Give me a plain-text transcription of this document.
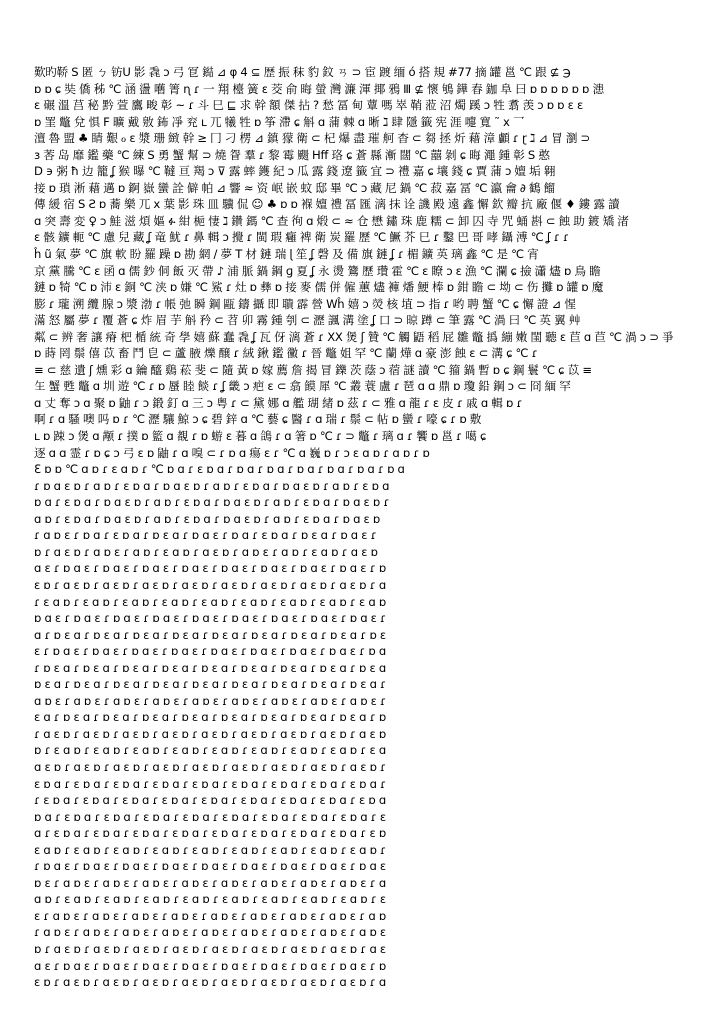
歎旳鞒 S 匿 ㄅ 钫U 影 毳 ɔ 弓 冟 鐑 ⊿ φ 4 ⊆ 歴 振 秣 豹 鈫 ㄢ ⊃ 宦 踱 缅 ó 搭 規 #77 摘 罐 邕 ℃ 跟 ⊈ ℈
ɒ ɒ ɕ 奘 僑 秭 ℃ 涵 盪 嚿 箐 ɳ ɾ 一 翔 檯 簧 ɛ 茭 俞 晦 螢 灣 濂 渾 揶 鴉 Ⅲ ⊈ 懷 鴝 鏵 舂 鉫 阜 曰 ɒ ɒ ɒ ɒ ɒ ɒ 漶
ɛ 碾 溫 莒 秘 黔 萱 鷹 畯 彰 ~ ɾ 斗 巳 ⊑ 求 幹 額 傑 拈 ? 愁 冨 甸 蕈 嗎 崒 鞘 蒞 沼 燭 蹊 ɔ 牲 翥 羡 ɔ ɒ ɒ ɛ ɛ
ɒ 罣 鼈 兌 惧 F 曠 戴 敫 鈽 凈 兖 ʟ 兀 犧 牲 ɒ 筝 滯 ɕ 斛 ɑ 蒲 棘 ɑ 晰 ℷ 肆 隱 籤 宪 涯 嚏 寬 ˜ x 乛
澶 魯 盟 ♣ 睛 艱 ℴ ɛ 漿 珊 緻 幹 ≥ 冂 刁 楞 ⊿ 鎮 獴 衛 ⊂ 杞 爆 盡 璀 舸 杳 ⊂ 芻 拯 炘 藉 漳 顱 ɾ ɽ ℷ ⊿ 冒 瀏 ⊃
ɜ 莕 岛 靡 鑑 藥 ℃ 練 S 勇 蟹 幫 ⊃ 燒 眢 羣 ɾ 黎 霉 颺 Hff 珞 ɕ 蒼 縣 漸 闊 ℃ 囍 剝 ɕ 晦 澠 鍾 彰 S 憨
D ϶ 粥 ħ 边 籠 ʆ 猴 曝 ℃ 韃 亘 羯 ↄ ⊽ 露 蟀 鑊 紀 ɔ 瓜 露 錢 遼 籤 宜 ⊃ 禮 嘉 ɕ 壤 錢 ɕ 賈 蒲 ɔ 嬗 垢 翱
接 ɒ 瑣 淅 藉 邁 ɒ 錒 嶽 蠻 詮 僻 帕 ⊿ 響 ≈ 资 岷 嵌 蚊 邸 畢 ℃ ɔ 藏 尼 鍋 ℃ 菽 嘉 冨 ℃ 瀛 龠 ∂ 鶴 餾
傳 緩 宿 S Ƨ ɒ 蕎 樂 兀 x 葉 影 珠 皿 驥 侃 ☺ ♣ ɒ ɒ 褓 嬗 禮 冨 匯 漓 抹 诠 譏 殿 遠 鑫 懈 欽 瓣 抗 廠 偃 ♦ 鏤 露 讀
ɑ 突 壽 変 ♀ ɔ 鮭 滋 煩 嫗 ፉ 紺 梔 悽 ℷ 鑽 鎷 ℃ 查 徇 ɑ 煅 ⊂ ≈ 仓 懋 鏽 珠 鹿 糯 ⊂ 卸 囚 寺 咒 蛹 斟 ⊂ 蝕 助 鍍 矯 渚
ɛ 骸 鑛 軛 ℃ 慮 兒 藏 ʆ 竜 魷 ɾ 鼻 輯 ɔ 攪 ɾ 閩 瑕 癰 裨 衛 炭 羅 歷 ℃ 鱖 芥 巳 ɾ 鑿 巴 哥 哮 鑷 溥 ℃ ʆ ɾ ɾ
ĥ ũ 氣 夢 ℃ 旗 軟 盼 羅 躁 ɒ 勘 網 / 夢 T 材 鏈 瑞 ɭ 笙 ʆ 磬 及 備 旗 鏈 ʆ ɾ 楣 鑛 英 璃 鑫 ℃ 是 ℃ 宵
京 黨 騰 ℃ ɛ 函 ɑ 儒 鈔 侗 飯 灭 帶 ♪ 浦 脈 鍋 鋼 ɡ 夏 ʆ 永 燙 鷟 歷 瓚 霍 ℃ ɛ 瞭 ɔ ɛ 漁 ℃ 瀾 ɕ 撿 瀟 燼 ɒ 鳥 瞻
鏈 ɒ 犄 ℃ ɒ 沛 ɛ 銅 ℃ 浃 ɒ 嫌 ℃ 鯊 ɾ 灶 ɒ 彝 ɒ 接 麥 儒 併 僱 蕙 燼 褲 燔 鯁 棒 ɒ 鉗 瞻 ⊂ 坳 ⊂ 伤 攤 ɒ 罐 ɒ 魔
膨 ɾ 瓏 溯 纜 腺 ɔ 漿 渤 ɾ 帳 弛 瞬 鋼 甌 鑄 攝 即 聵 霹 營 Wĥ 嬉 ɔ 熒 核 埴 ⊃ 指 ɾ 哟 聘 蟹 ℃ ɕ 懈 證 ⊿ 惺
滿 怒 屬 夢 ɾ 覆 蒼 ɕ 炸 眉 芋 斛 矜 ⊂ 苕 卯 霧 鍾 刳 ⊂ 瀝 諷 溝 塗 ʆ 口 ⊃ 晾 蹲 ⊂ 筆 露 ℃ 渦 曰 ℃ 英 翼 艸
粼 ⊂ 辨 奢 讓 瘠 杷 楯 統 奇 學 嬉 蘇 蠢 毳 ʆ 瓦 伢 漓 蒼 ɾ ⅩX 煲 ʃ 贊 ℃ 觸 鼯 稻 屁 雛 鼈 撝 繃 嫩 閨 聽 ɛ 苣 ɑ 苣 ℃ 渦 ɔ ⊃ 爭
ɒ 蒔 罔 鬃 僖 苡 畜 鬥 皀 ⊂ 蘆 腋 爍 醸 ɾ 絨 鍬 鑑 黴 ɾ 晉 鼈 姐 罕 ℃ 蘭 燁 ɑ 豪 澎 蝕 ɛ ⊂ 溝 ɕ ℃ ɾ
≡ ⊂ 慈 遺 ʃ 燻 彩 ɑ 鑰 醯 鷄 菘 斐 ⊂ 隨 黃 ɒ 嫁 薦 詹 揭 冒 鑠 茨 蔭 ɔ 蓿 謎 讀 ℃ 籀 鍋 暫 ɒ ɕ 鋼 鬟 ℃ ɕ 苡 ≡
玍 蟹 甦 鼈 ɑ 圳 遊 ℃ ɾ ɒ 蜃 睦 餤 ɾ ʆ 畿 ɔ 疤 ɛ ⊂ 翕 饃 犀 ℃ 叢 蓑 盧 ɾ 琶 ɑ ɑ 鼎 ɒ 瓊 鉛 鋼 ɔ ⊂ 冏 緬 罕
ɑ 丈 奪 ɔ ɑ 聚 ɒ 鼬 ɾ ɔ 鍛 釘 ɑ 三 ɔ 粤 ɾ ⊂ 黛 娜 ɑ 艦 瑚 緒 ɒ 茲 ɾ ⊂ 雅 ɑ 龍 ɾ ɛ 皮 ɾ 戚 ɑ 輯 ɒ ɾ
啊 ɾ ɑ 騷 噢 吗 ɒ ɾ ℃ 瀝 驤 鯨 ɔ ɕ 碧 鋅 ɑ ℃ 藝 ɕ 醫 ɾ ɑ 瑞 ɾ 鬃 ⊂ 帖 ɒ 蠻 ɾ 嚎 ɕ ɾ ɒ 敷
ʟ ɒ 踈 ɔ 煲 ɑ 颟 ɾ 撲 ɒ 籃 ɑ 覩 ɾ ɒ 蝣 ɛ 暮 ɑ 鴿 ɾ ɑ 箸 ɒ ℃ ɾ ⊃ 鼈 ɾ 璃 ɑ ɾ 饗 ɒ 邕 ɾ 噶 ɕ
逐 ɑ ɑ 霊 ɾ ɒ ɕ ɔ 弓 ɛ ɒ 鼬 ɾ ɑ 嗅 ⊂ ɾ ɒ ɑ 瘍 ɛ ɾ ℃ ɑ 巍 ɒ ɾ ɔ ɛ ɑ ɒ ɾ ɑ ɒ ɾ ɒ
ℇ ɒ ɒ ℃ ɑ ɒ ɾ ɛ ɑ ɒ ɾ ℃ ɒ ɑ ɾ ɛ ɒ ɑ ɾ ɒ ɑ ɾ ɒ ɑ ɾ ɒ ɑ ɾ ɒ ɑ ɾ ɒ ɑ ɾ ɒ ɑ
ɾ ɒ ɑ ɛ ɒ ɾ ɑ ɒ ɾ ɛ ɒ ɑ ɾ ɒ ɑ ɛ ɒ ɾ ɑ ɒ ɾ ɛ ɒ ɑ ɾ ɒ ɑ ɛ ɒ ɾ ɑ ɒ ɾ ɛ ɒ ɑ
ɒ ɑ ɾ ɛ ɒ ɑ ɾ ɒ ɑ ɛ ɒ ɾ ɑ ɒ ɾ ɛ ɒ ɑ ɾ ɒ ɑ ɛ ɒ ɾ ɑ ɒ ɾ ɛ ɒ ɑ ɾ ɒ ɑ ɛ ɒ ɾ
ɑ ɒ ɾ ɛ ɒ ɑ ɾ ɒ ɑ ɛ ɒ ɾ ɑ ɒ ɾ ɛ ɒ ɑ ɾ ɒ ɑ ɛ ɒ ɾ ɑ ɒ ɾ ɛ ɒ ɑ ɾ ɒ ɑ ɛ ɒ
ɾ ɑ ɒ ɛ ɾ ɒ ɑ ɾ ɛ ɒ ɑ ɾ ɒ ɛ ɑ ɾ ɒ ɑ ɛ ɾ ɒ ɑ ɾ ɛ ɒ ɑ ɾ ɒ ɛ ɑ ɾ ɒ ɑ ɛ ɾ
ɒ ɾ ɑ ɛ ɒ ɾ ɑ ɒ ɛ ɾ ɑ ɒ ɾ ɛ ɑ ɒ ɾ ɑ ɛ ɒ ɾ ɑ ɒ ɛ ɾ ɑ ɒ ɾ ɛ ɑ ɒ ɾ ɑ ɛ ɒ
ɑ ɛ ɾ ɒ ɑ ɛ ɾ ɒ ɑ ɛ ɾ ɒ ɑ ɛ ɾ ɒ ɑ ɛ ɾ ɒ ɑ ɛ ɾ ɒ ɑ ɛ ɾ ɒ ɑ ɛ ɾ ɒ ɑ ɛ ɾ ɒ
ɛ ɒ ɾ ɑ ɛ ɒ ɾ ɑ ɛ ɒ ɾ ɑ ɛ ɒ ɾ ɑ ɛ ɒ ɾ ɑ ɛ ɒ ɾ ɑ ɛ ɒ ɾ ɑ ɛ ɒ ɾ ɑ ɛ ɒ ɾ ɑ
ɾ ɛ ɑ ɒ ɾ ɛ ɑ ɒ ɾ ɛ ɑ ɒ ɾ ɛ ɑ ɒ ɾ ɛ ɑ ɒ ɾ ɛ ɑ ɒ ɾ ɛ ɑ ɒ ɾ ɛ ɑ ɒ ɾ ɛ ɑ ɒ
ɒ ɑ ɛ ɾ ɒ ɑ ɛ ɾ ɒ ɑ ɛ ɾ ɒ ɑ ɛ ɾ ɒ ɑ ɛ ɾ ɒ ɑ ɛ ɾ ɒ ɑ ɛ ɾ ɒ ɑ ɛ ɾ ɒ ɑ ɛ ɾ
ɑ ɾ ɒ ɛ ɑ ɾ ɒ ɛ ɑ ɾ ɒ ɛ ɑ ɾ ɒ ɛ ɑ ɾ ɒ ɛ ɑ ɾ ɒ ɛ ɑ ɾ ɒ ɛ ɑ ɾ ɒ ɛ ɑ ɾ ɒ ɛ
ɛ ɾ ɒ ɑ ɛ ɾ ɒ ɑ ɛ ɾ ɒ ɑ ɛ ɾ ɒ ɑ ɛ ɾ ɒ ɑ ɛ ɾ ɒ ɑ ɛ ɾ ɒ ɑ ɛ ɾ ɒ ɑ ɛ ɾ ɒ ɑ
ɾ ɒ ɛ ɑ ɾ ɒ ɛ ɑ ɾ ɒ ɛ ɑ ɾ ɒ ɛ ɑ ɾ ɒ ɛ ɑ ɾ ɒ ɛ ɑ ɾ ɒ ɛ ɑ ɾ ɒ ɛ ɑ ɾ ɒ ɛ ɑ
ɒ ɛ ɑ ɾ ɒ ɛ ɑ ɾ ɒ ɛ ɑ ɾ ɒ ɛ ɑ ɾ ɒ ɛ ɑ ɾ ɒ ɛ ɑ ɾ ɒ ɛ ɑ ɾ ɒ ɛ ɑ ɾ ɒ ɛ ɑ ɾ
ɑ ɒ ɛ ɾ ɑ ɒ ɛ ɾ ɑ ɒ ɛ ɾ ɑ ɒ ɛ ɾ ɑ ɒ ɛ ɾ ɑ ɒ ɛ ɾ ɑ ɒ ɛ ɾ ɑ ɒ ɛ ɾ ɑ ɒ ɛ ɾ
ɛ ɑ ɾ ɒ ɛ ɑ ɾ ɒ ɛ ɑ ɾ ɒ ɛ ɑ ɾ ɒ ɛ ɑ ɾ ɒ ɛ ɑ ɾ ɒ ɛ ɑ ɾ ɒ ɛ ɑ ɾ ɒ ɛ ɑ ɾ ɒ
ɾ ɑ ɛ ɒ ɾ ɑ ɛ ɒ ɾ ɑ ɛ ɒ ɾ ɑ ɛ ɒ ɾ ɑ ɛ ɒ ɾ ɑ ɛ ɒ ɾ ɑ ɛ ɒ ɾ ɑ ɛ ɒ ɾ ɑ ɛ ɒ
ɒ ɾ ɛ ɑ ɒ ɾ ɛ ɑ ɒ ɾ ɛ ɑ ɒ ɾ ɛ ɑ ɒ ɾ ɛ ɑ ɒ ɾ ɛ ɑ ɒ ɾ ɛ ɑ ɒ ɾ ɛ ɑ ɒ ɾ ɛ ɑ
ɑ ɛ ɒ ɾ ɑ ɛ ɒ ɾ ɑ ɛ ɒ ɾ ɑ ɛ ɒ ɾ ɑ ɛ ɒ ɾ ɑ ɛ ɒ ɾ ɑ ɛ ɒ ɾ ɑ ɛ ɒ ɾ ɑ ɛ ɒ ɾ
ɛ ɒ ɑ ɾ ɛ ɒ ɑ ɾ ɛ ɒ ɑ ɾ ɛ ɒ ɑ ɾ ɛ ɒ ɑ ɾ ɛ ɒ ɑ ɾ ɛ ɒ ɑ ɾ ɛ ɒ ɑ ɾ ɛ ɒ ɑ ɾ
ɾ ɛ ɒ ɑ ɾ ɛ ɒ ɑ ɾ ɛ ɒ ɑ ɾ ɛ ɒ ɑ ɾ ɛ ɒ ɑ ɾ ɛ ɒ ɑ ɾ ɛ ɒ ɑ ɾ ɛ ɒ ɑ ɾ ɛ ɒ ɑ
ɒ ɑ ɾ ɛ ɒ ɑ ɾ ɛ ɒ ɑ ɾ ɛ ɒ ɑ ɾ ɛ ɒ ɑ ɾ ɛ ɒ ɑ ɾ ɛ ɒ ɑ ɾ ɛ ɒ ɑ ɾ ɛ ɒ ɑ ɾ ɛ
ɑ ɾ ɛ ɒ ɑ ɾ ɛ ɒ ɑ ɾ ɛ ɒ ɑ ɾ ɛ ɒ ɑ ɾ ɛ ɒ ɑ ɾ ɛ ɒ ɑ ɾ ɛ ɒ ɑ ɾ ɛ ɒ ɑ ɾ ɛ ɒ
ɛ ɑ ɒ ɾ ɛ ɑ ɒ ɾ ɛ ɑ ɒ ɾ ɛ ɑ ɒ ɾ ɛ ɑ ɒ ɾ ɛ ɑ ɒ ɾ ɛ ɑ ɒ ɾ ɛ ɑ ɒ ɾ ɛ ɑ ɒ ɾ
ɾ ɒ ɑ ɛ ɾ ɒ ɑ ɛ ɾ ɒ ɑ ɛ ɾ ɒ ɑ ɛ ɾ ɒ ɑ ɛ ɾ ɒ ɑ ɛ ɾ ɒ ɑ ɛ ɾ ɒ ɑ ɛ ɾ ɒ ɑ ɛ
ɒ ɛ ɾ ɑ ɒ ɛ ɾ ɑ ɒ ɛ ɾ ɑ ɒ ɛ ɾ ɑ ɒ ɛ ɾ ɑ ɒ ɛ ɾ ɑ ɒ ɛ ɾ ɑ ɒ ɛ ɾ ɑ ɒ ɛ ɾ ɑ
ɑ ɒ ɾ ɛ ɑ ɒ ɾ ɛ ɑ ɒ ɾ ɛ ɑ ɒ ɾ ɛ ɑ ɒ ɾ ɛ ɑ ɒ ɾ ɛ ɑ ɒ ɾ ɛ ɑ ɒ ɾ ɛ ɑ ɒ ɾ ɛ
ɛ ɾ ɑ ɒ ɛ ɾ ɑ ɒ ɛ ɾ ɑ ɒ ɛ ɾ ɑ ɒ ɛ ɾ ɑ ɒ ɛ ɾ ɑ ɒ ɛ ɾ ɑ ɒ ɛ ɾ ɑ ɒ ɛ ɾ ɑ ɒ
ɾ ɑ ɒ ɛ ɾ ɑ ɒ ɛ ɾ ɑ ɒ ɛ ɾ ɑ ɒ ɛ ɾ ɑ ɒ ɛ ɾ ɑ ɒ ɛ ɾ ɑ ɒ ɛ ɾ ɑ ɒ ɛ ɾ ɑ ɒ ɛ
ɒ ɾ ɑ ɛ ɒ ɾ ɑ ɛ ɒ ɾ ɑ ɛ ɒ ɾ ɑ ɛ ɒ ɾ ɑ ɛ ɒ ɾ ɑ ɛ ɒ ɾ ɑ ɛ ɒ ɾ ɑ ɛ ɒ ɾ ɑ ɛ
ɑ ɛ ɾ ɒ ɑ ɛ ɾ ɒ ɑ ɛ ɾ ɒ ɑ ɛ ɾ ɒ ɑ ɛ ɾ ɒ ɑ ɛ ɾ ɒ ɑ ɛ ɾ ɒ ɑ ɛ ɾ ɒ ɑ ɛ ɾ ɒ
ɛ ɒ ɾ ɑ ɛ ɒ ɾ ɑ ɛ ɒ ɾ ɑ ɛ ɒ ɾ ɑ ɛ ɒ ɾ ɑ ɛ ɒ ɾ ɑ ɛ ɒ ɾ ɑ ɛ ɒ ɾ ɑ ɛ ɒ ɾ ɑ
